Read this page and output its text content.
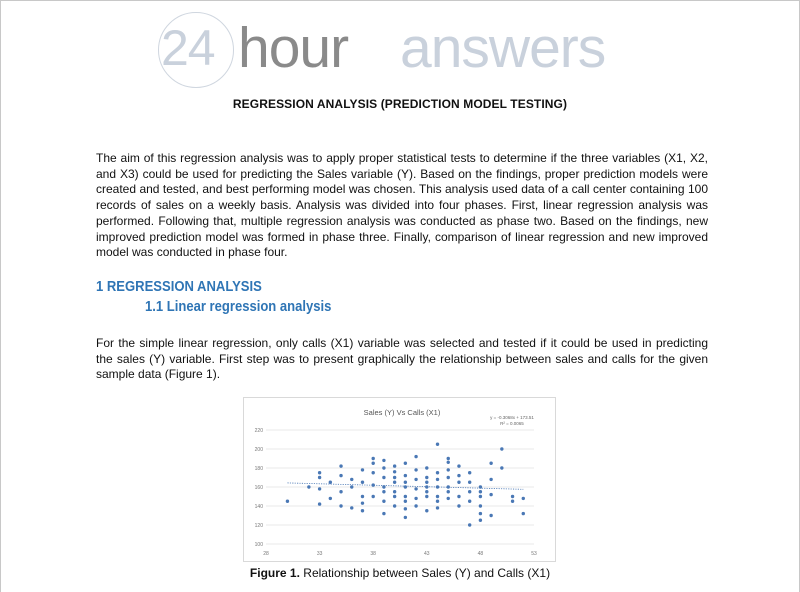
24 hour answers
REGRESSION ANALYSIS (PREDICTION MODEL TESTING)

The aim of this regression analysis was to apply proper statistical tests to determine if the three variables (X1, X2, and X3) could be used for predicting the Sales variable (Y). Based on the findings, proper prediction models were created and tested, and best performing model was chosen. This analysis used data of a call center containing 100 records of sales on a weekly basis. Analysis was divided into four phases. First, linear regression analysis was performed. Following that, multiple regression analysis was conducted as phase two. Based on the findings, new improved prediction model was formed in phase three. Finally, comparison of linear regression and new improved model was conducted in phase four.

1 REGRESSION ANALYSIS
1.1 Linear regression analysis

For the simple linear regression, only calls (X1) variable was selected and tested if it could be used in predicting the sales (Y) variable. First step was to present graphically the relationship between sales and calls for the given sample data (Figure 1).

220
200
180
160
140
120
100
28	33	38	43	48	53
Sales (Y) Vs Calls (X1)
y = -0.3068x + 173.51
R² = 0.0065
Figure 1. Relationship between Sales (Y) and Calls (X1)
